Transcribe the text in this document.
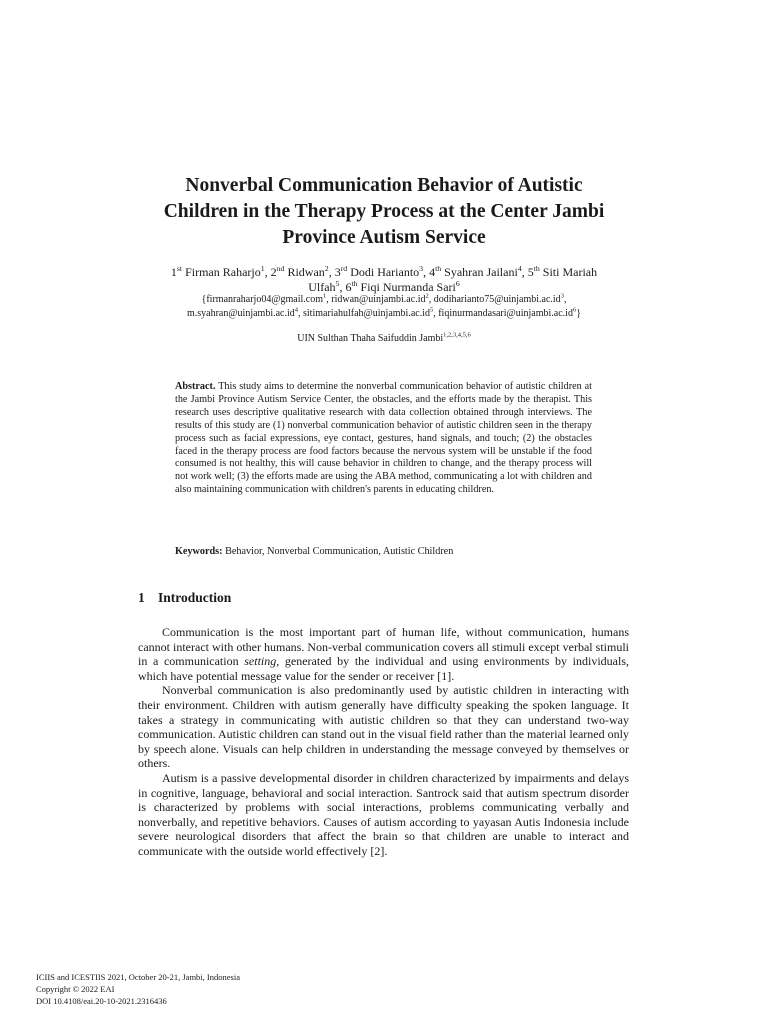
Nonverbal Communication Behavior of Autistic
Children in the Therapy Process at the Center Jambi
Province Autism Service
1st Firman Raharjo$^1$, 2nd Ridwan$^2$, 3rd Dodi Harianto$^3$, 4th Syahran Jailani$^4$, 5th Siti Mariah
Ulfah$^5$, 6th Fiqi Nurmanda Sari$^6$
{firmanraharjo04@gmail.com$^1$, $ridwan@uinjambi.ac.id^2$, $dodiharianto75@uinjambi.ac.id^3$,
$m.syahran@uinjambi.ac.id^4$, $sitimariahulfah@uinjambi.ac.id^5$, $fiqinurmandasari@uinjambi.ac.id^6$}
UIN Sulthan Thaha Saifuddin Jambi$^{1,2,3,4,5,6}$
Abstract. This study aims to determine the nonverbal communication behavior of autistic children at the Jambi Province Autism Service Center, the obstacles, and the efforts made by the therapist. This research uses descriptive qualitative research with data collection obtained through interviews. The results of this study are (1) nonverbal communication behavior of autistic children seen in the therapy process such as facial expressions, eye contact, gestures, hand signals, and touch; (2) the obstacles faced in the therapy process are food factors because the nervous system will be unstable if the food consumed is not healthy, this will cause behavior in children to change, and the therapy process will not work well; (3) the efforts made are using the ABA method, communicating a lot with children and also maintaining communication with children's parents in educating children.
Keywords: Behavior, Nonverbal Communication, Autistic Children
1 Introduction

Communication is the most important part of human life, without communication, humans cannot interact with other humans. Non-verbal communication covers all stimuli except verbal stimuli in a communication setting, generated by the individual and using environments by individuals, which have potential message value for the sender or receiver [1].

Nonverbal communication is also predominantly used by autistic children in interacting with their environment. Children with autism generally have difficulty speaking the spoken language. It takes a strategy in communicating with autistic children so that they can understand two-way communication. Autistic children can stand out in the visual field rather than the material learned only by speech alone. Visuals can help children in understanding the message conveyed by themselves or others.

Autism is a passive developmental disorder in children characterized by impairments and delays in cognitive, language, behavioral and social interaction. Santrock said that autism spectrum disorder is characterized by problems with social interactions, problems communicating verbally and nonverbally, and repetitive behaviors. Causes of autism according to yayasan Autis Indonesia include severe neurological disorders that affect the brain so that children are unable to interact and communicate with the outside world effectively [2].

ICIIS and ICESTIIS 2021, October 20-21, Jambi, Indonesia
Copyright © 2022 EAI
DOI 10.4108/eai.20-10-2021.2316436
